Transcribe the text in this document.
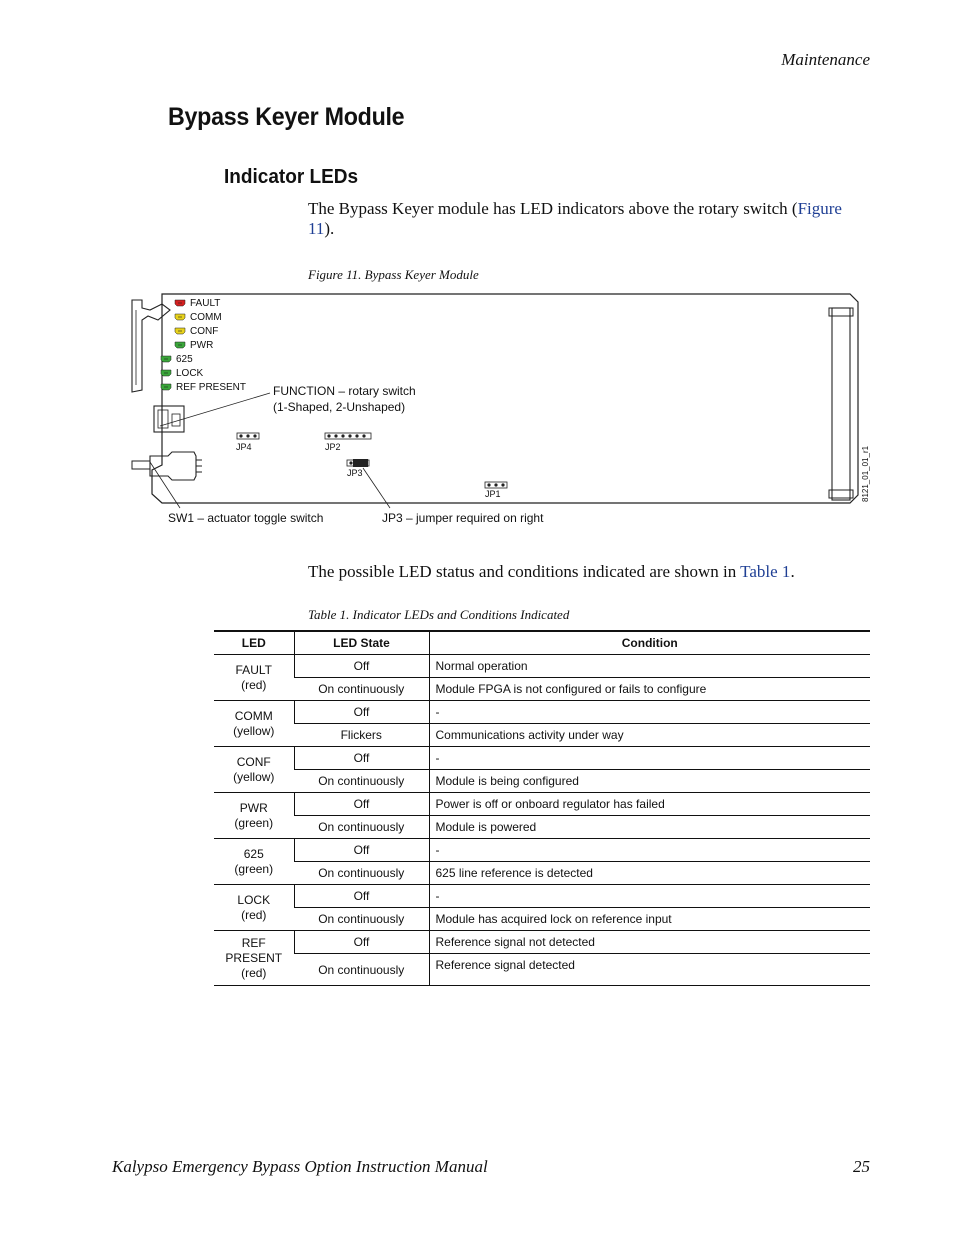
Maintenance
Bypass Keyer Module
Indicator LEDs
The Bypass Keyer module has LED indicators above the rotary switch (Figure 11).
Figure 11. Bypass Keyer Module
FAULT
COMM
CONF
PWR
625
LOCK
REF PRESENT FUNCTION – rotary switch
(1-Shaped, 2-Unshaped)
JP4	JP2
JP3
JP1
SW1 – actuator toggle switch	JP3 – jumper required on right
8121_01_01_r1
The possible LED status and conditions indicated are shown in Table 1.
Table 1. Indicator LEDs and Conditions Indicated
LED	LED State	Condition

FAULT
(red)	Off	Normal operation
	On continuously	Module FPGA is not configured or fails to configure

COMM
(yellow)	Off	-
	Flickers	Communications activity under way

CONF
(yellow)	Off	-
	On continuously	Module is being configured

PWR
(green)	Off	Power is off or onboard regulator has failed
	On continuously	Module is powered

625
(green)	Off	-
	On continuously	625 line reference is detected

LOCK
(red)	Off	-
	On continuously	Module has acquired lock on reference input

REF
PRESENT
(red)	Off	Reference signal not detected
	On continuously	Reference signal detected
Kalypso Emergency Bypass Option Instruction Manual	25
